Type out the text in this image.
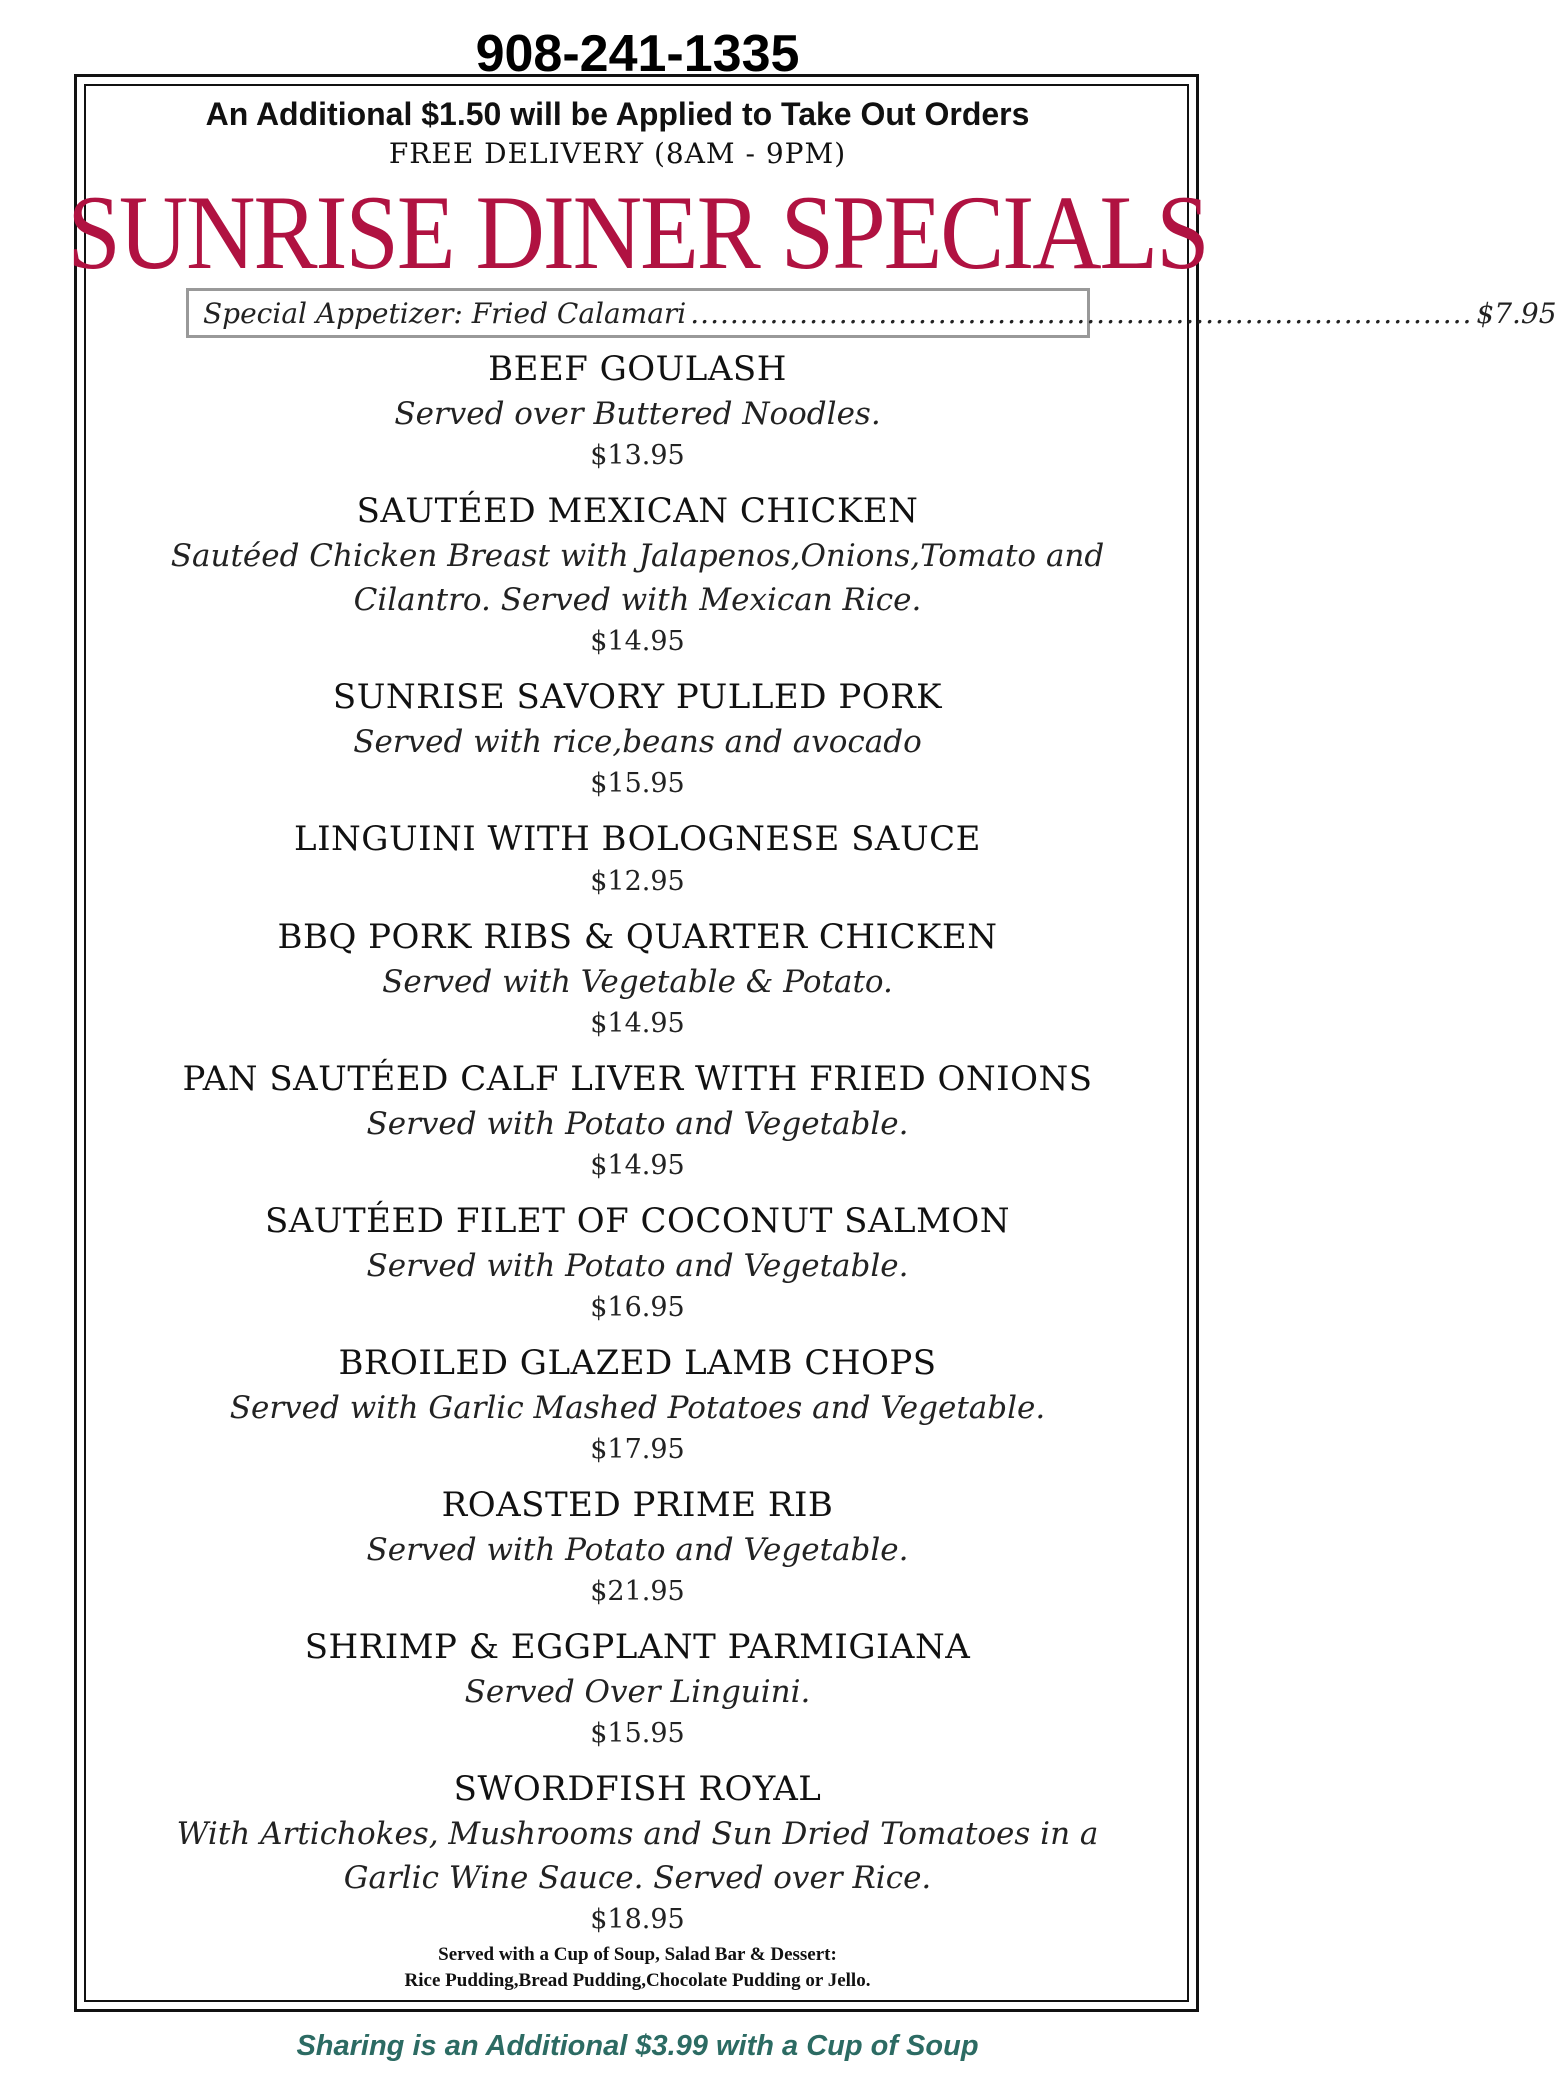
908-241-1335
An Additional $1.50 will be Applied to Take Out Orders
FREE DELIVERY (8AM - 9PM)
SUNRISE DINER SPECIALS
Special Appetizer: Fried Calamari ............................................................................... $7.95
BEEF GOULASH
Served over Buttered Noodles.
$13.95
SAUTÉED MEXICAN CHICKEN
Sautéed Chicken Breast with Jalapenos,Onions,Tomato and
Cilantro. Served with Mexican Rice.
$14.95
SUNRISE SAVORY PULLED PORK
Served with rice,beans and avocado
$15.95
LINGUINI WITH BOLOGNESE SAUCE
$12.95
BBQ PORK RIBS & QUARTER CHICKEN
Served with Vegetable & Potato.
$14.95
PAN SAUTÉED CALF LIVER WITH FRIED ONIONS
Served with Potato and Vegetable.
$14.95
SAUTÉED FILET OF COCONUT SALMON
Served with Potato and Vegetable.
$16.95
BROILED GLAZED LAMB CHOPS
Served with Garlic Mashed Potatoes and Vegetable.
$17.95
ROASTED PRIME RIB
Served with Potato and Vegetable.
$21.95
SHRIMP & EGGPLANT PARMIGIANA
Served Over Linguini.
$15.95
SWORDFISH ROYAL
With Artichokes, Mushrooms and Sun Dried Tomatoes in a
Garlic Wine Sauce. Served over Rice.
$18.95
Served with a Cup of Soup, Salad Bar & Dessert:
Rice Pudding,Bread Pudding,Chocolate Pudding or Jello.
Sharing is an Additional $3.99 with a Cup of Soup
